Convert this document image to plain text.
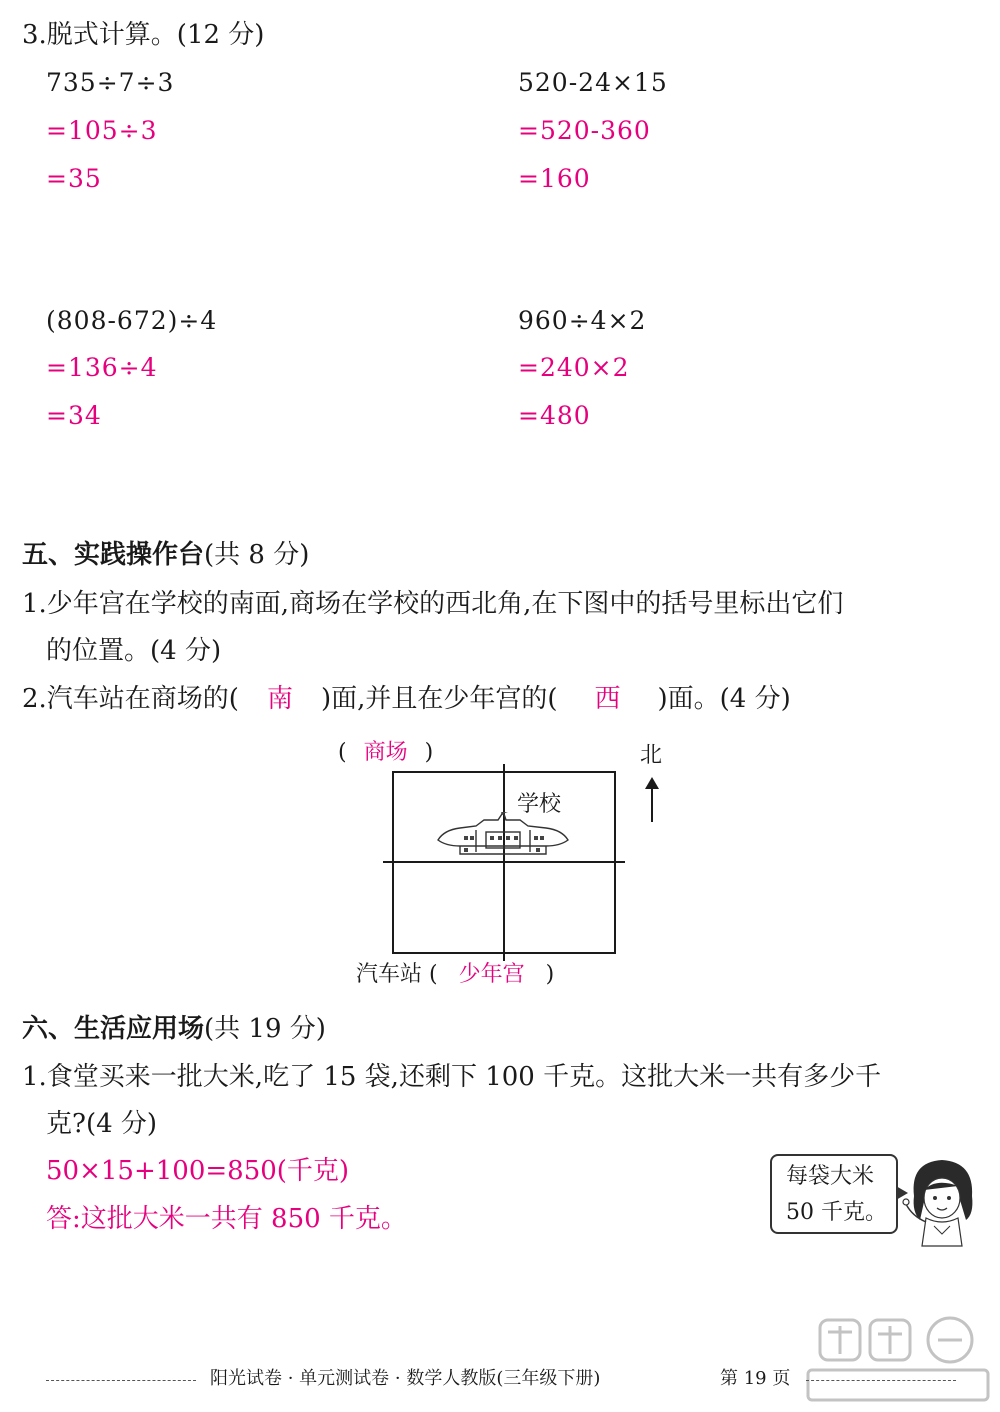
3.脱式计算。(12 分)
735÷7÷3
=105÷3
=35
520-24×15
=520-360
=160
(808-672)÷4
=136÷4
=34
960÷4×2
=240×2
=480
五、实践操作台(共 8 分)
1.少年宫在学校的南面,商场在学校的西北角,在下图中的括号里标出它们
的位置。(4 分)
2.汽车站在商场的( 南 )面,并且在少年宫的( 西 )面。(4 分)
( 商场 )
学校
北
汽车站 ( 少年宫 )
六、生活应用场(共 19 分)
1.食堂买来一批大米,吃了 15 袋,还剩下 100 千克。这批大米一共有多少千
克?(4 分)
50×15+100=850(千克)
答:这批大米一共有 850 千克。
每袋大米
50 千克。
阳光试卷 · 单元测试卷 · 数学人教版(三年级下册)	第 19 页
